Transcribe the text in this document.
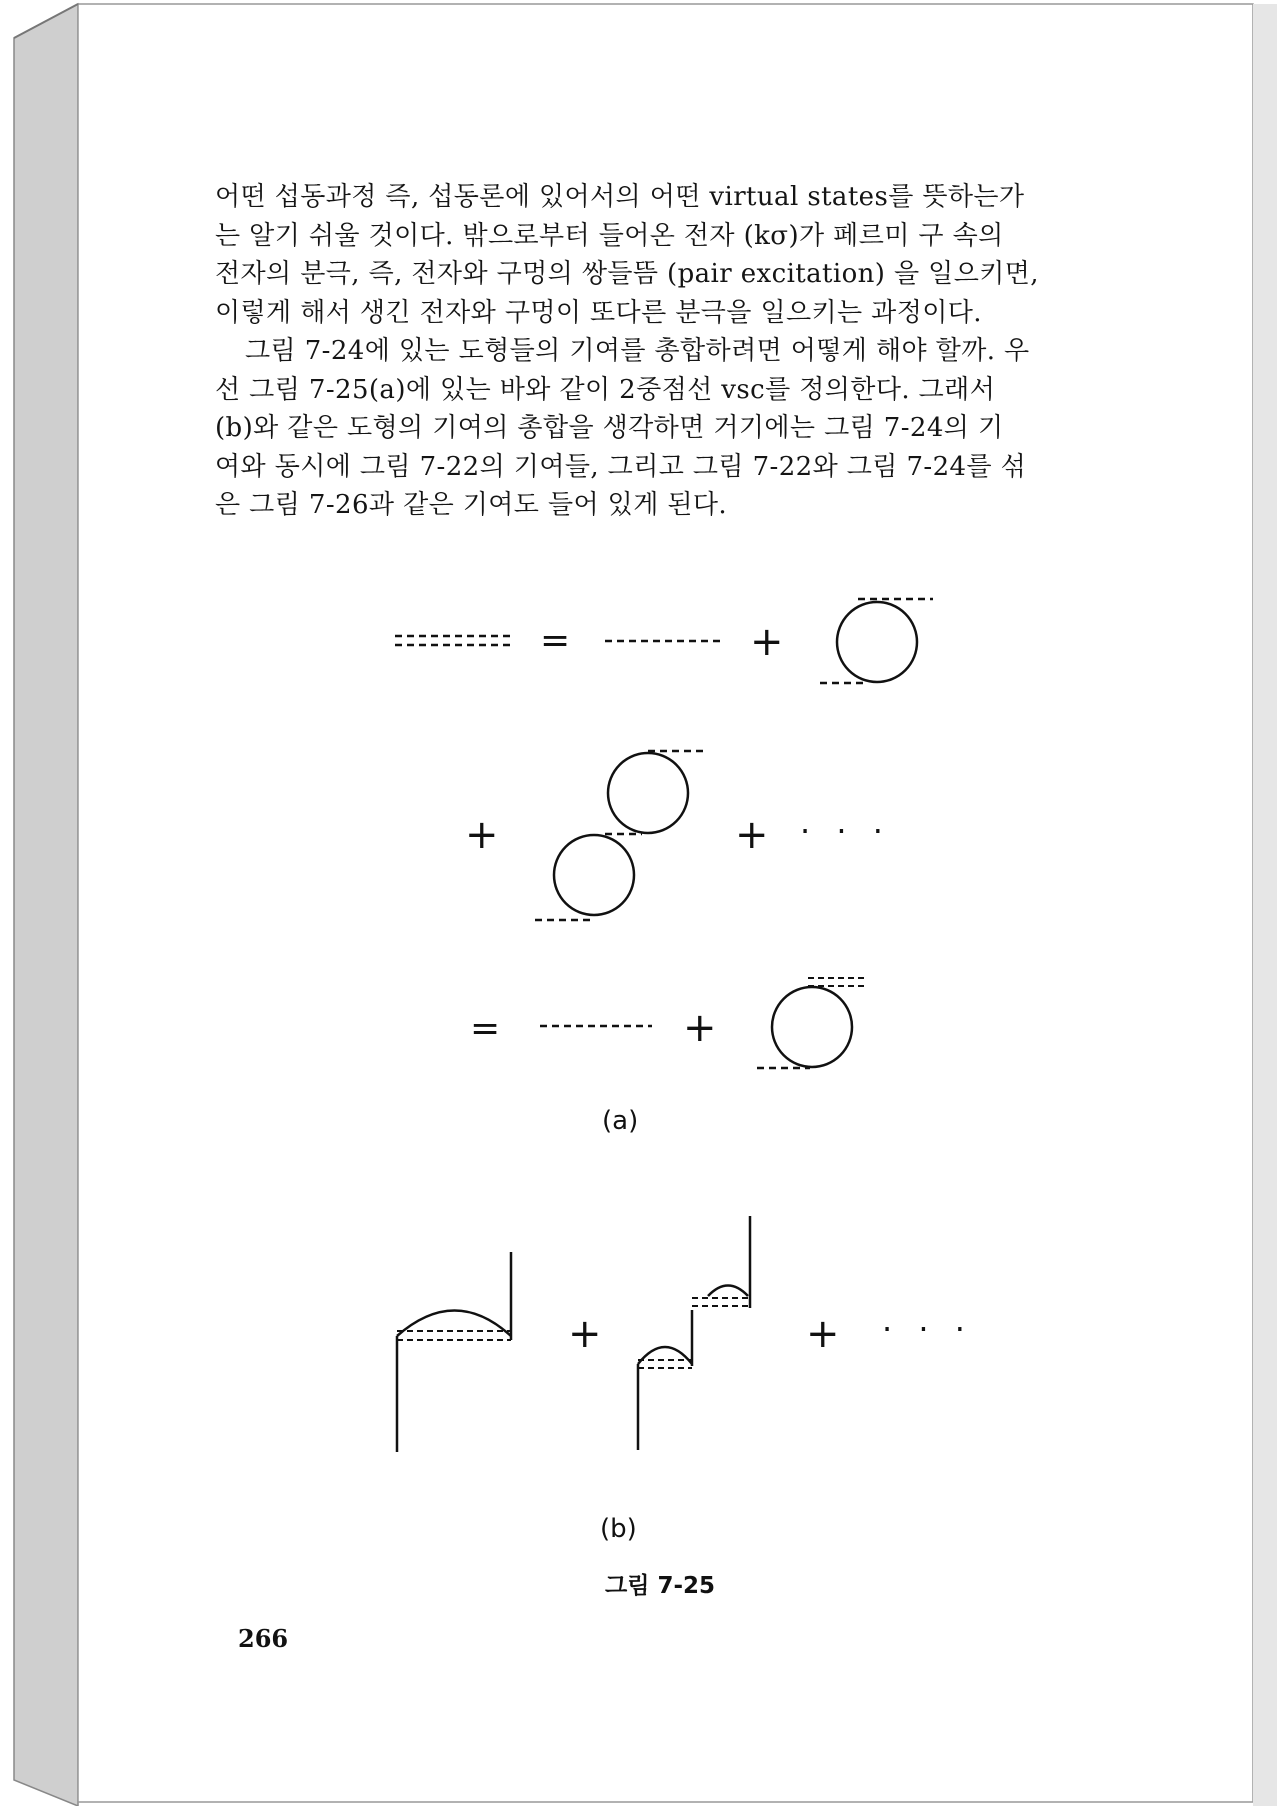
어떤 섭동과정 즉, 섭동론에 있어서의 어떤 virtual states를 뜻하는가
는 알기 쉬울 것이다. 밖으로부터 들어온 전자 (kσ)가 페르미 구 속의
전자의 분극, 즉, 전자와 구멍의 쌍들뜸 (pair excitation) 을 일으키면,
이렇게 해서 생긴 전자와 구멍이 또다른 분극을 일으키는 과정이다.
그림 7-24에 있는 도형들의 기여를 총합하려면 어떻게 해야 할까. 우
선 그림 7-25(a)에 있는 바와 같이 2중점선 vsc를 정의한다. 그래서
(b)와 같은 도형의 기여의 총합을 생각하면 거기에는 그림 7-24의 기
여와 동시에 그림 7-22의 기여들, 그리고 그림 7-22와 그림 7-24를 섞
은 그림 7-26과 같은 기여도 들어 있게 된다.
=	+
+	+ · · ·
=	+
+	+ · · ·
(a)
(b)
그림 7-25
266
